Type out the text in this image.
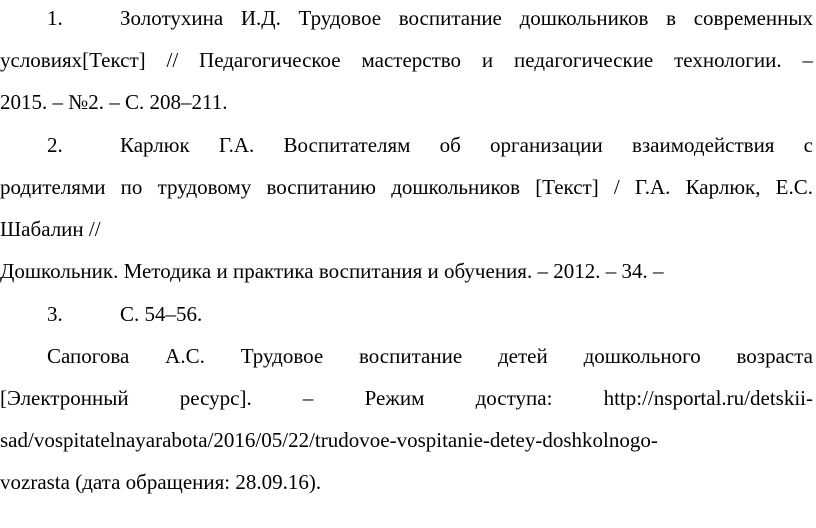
1.	Золотухина И.Д. Трудовое воспитание дошкольников в современных
условиях[Текст] // Педагогическое мастерство и педагогические технологии. –
2015. – №2. – С. 208–211.
2.	Карлюк Г.А. Воспитателям об организации взаимодействия с
родителями по трудовому воспитанию дошкольников [Текст] / Г.А. Карлюк, Е.С.
Шабалин //
Дошкольник. Методика и практика воспитания и обучения. – 2012. – 34. –
3.	С. 54–56.
Сапогова А.С. Трудовое воспитание детей дошкольного возраста
[Электронный ресурс]. – Режим доступа: http://nsportal.ru/detskii-
sad/vospitatelnayarabota/2016/05/22/trudovoe-vospitanie-detey-doshkolnogo-
vozrasta (дата обращения: 28.09.16).
